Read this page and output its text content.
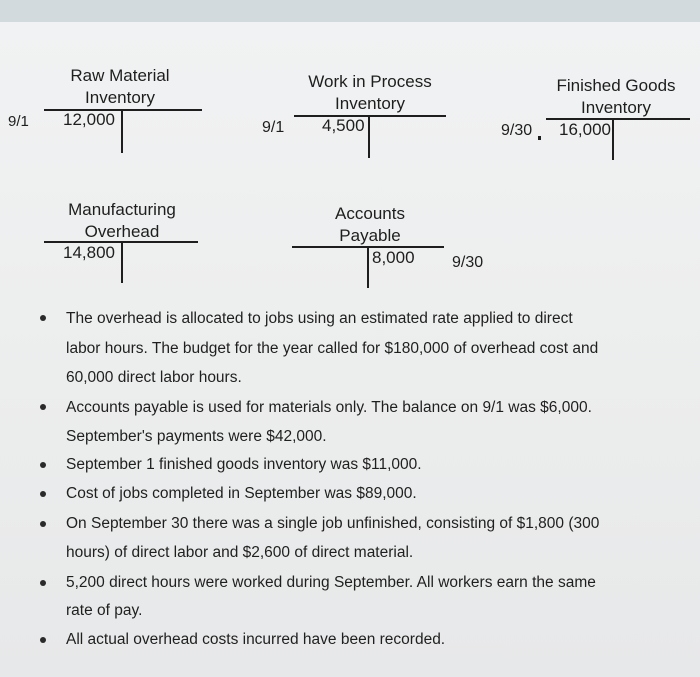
Raw Material
Inventory
9/1 12,000
Work in Process
Inventory
9/1 4,500
Finished Goods
Inventory
9/30 16,000
Manufacturing
Overhead
14,800
Accounts
Payable
8,000 9/30
The overhead is allocated to jobs using an estimated rate applied to direct
labor hours. The budget for the year called for $180,000 of overhead cost and
60,000 direct labor hours.
Accounts payable is used for materials only. The balance on 9/1 was $6,000.
September's payments were $42,000.
September 1 finished goods inventory was $11,000.
Cost of jobs completed in September was $89,000.
On September 30 there was a single job unfinished, consisting of $1,800 (300
hours) of direct labor and $2,600 of direct material.
5,200 direct hours were worked during September. All workers earn the same
rate of pay.
All actual overhead costs incurred have been recorded.
